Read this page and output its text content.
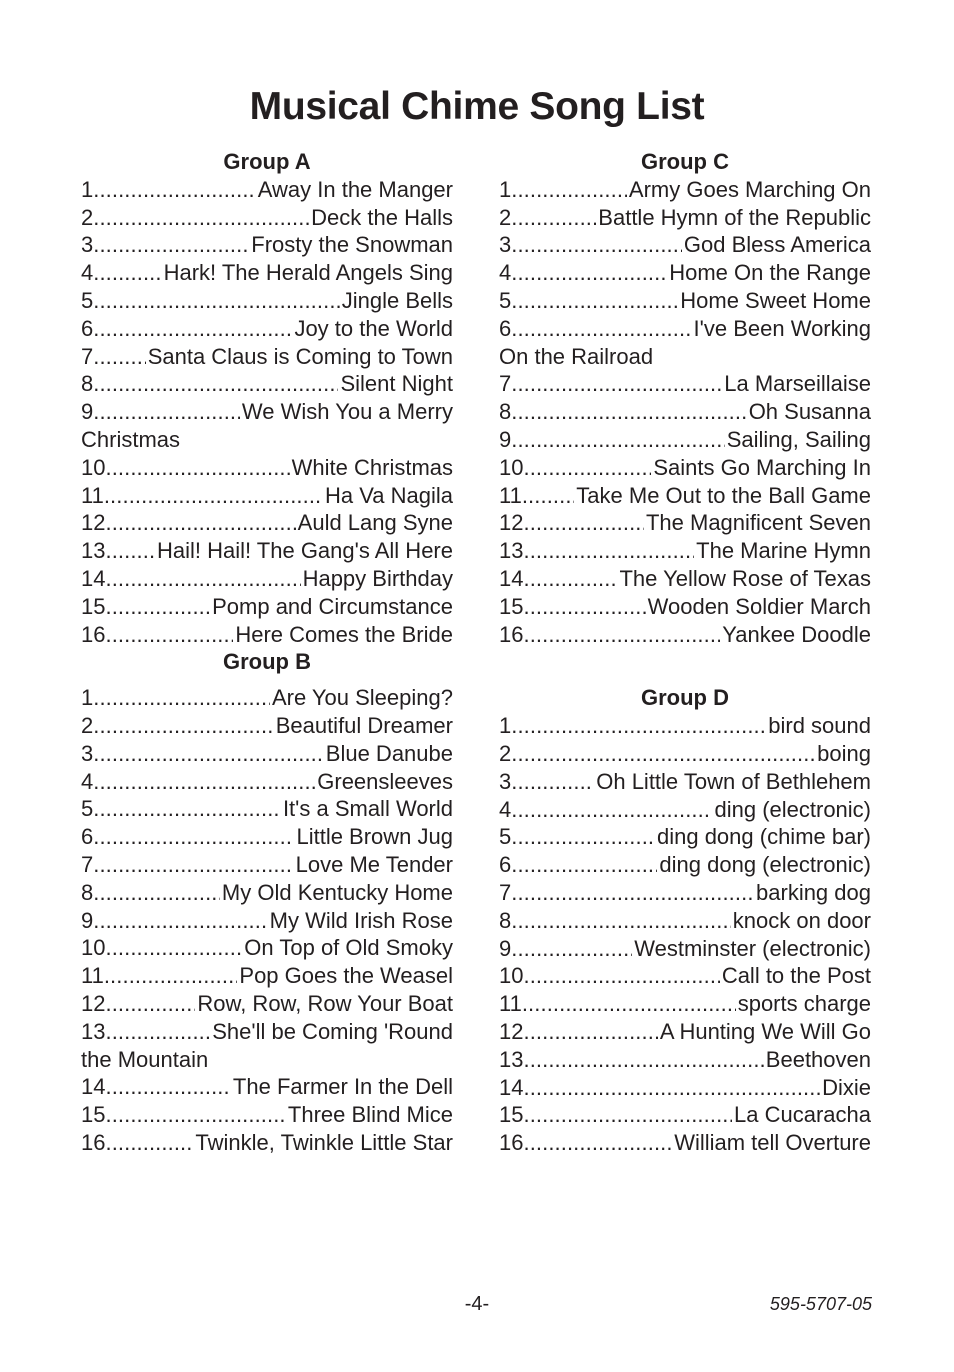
Musical Chime Song List
Group A
1 .....	Away In the Manger
2 .....	Deck the Halls
3 .....	Frosty the Snowman
4 .....	Hark! The Herald Angels Sing
5 .....	Jingle Bells
6 .....	Joy to the World
7 ..... Santa Claus is Coming to Town
8 .....	Silent Night
9 .....	We Wish You a Merry
Christmas
10 .....	White Christmas
11 .....	Ha Va Nagila
12 .....	Auld Lang Syne
13 ..... Hail! Hail! The Gang's All Here
14 .....	Happy Birthday
15 .....	Pomp and Circumstance
16 .....	Here Comes the Bride
Group B
1 .....	Are You Sleeping?
2 .....	Beautiful Dreamer
3 .....	Blue Danube
4 .....	Greensleeves
5 .....	It's a Small World
6 .....	Little Brown Jug
7 .....	Love Me Tender
8 .....	My Old Kentucky Home
9 .....	My Wild Irish Rose
10 .....	On Top of Old Smoky
11 .....	Pop Goes the Weasel
12 .....	Row, Row, Row Your Boat
13 .....	She'll be Coming 'Round
the Mountain
14 .....	The Farmer In the Dell
15 .....	Three Blind Mice
16 .....	Twinkle, Twinkle Little Star
Group C
1 .....	Army Goes Marching On
2 .....	Battle Hymn of the Republic
3 .....	God Bless America
4 .....	Home On the Range
5 .....	Home Sweet Home
6 .....	I've Been Working
On the Railroad
7 .....	La Marseillaise
8 .....	Oh Susanna
9 .....	Sailing, Sailing
10 .....	Saints Go Marching In
11 ..... Take Me Out to the Ball Game
12 .....	The Magnificent Seven
13 .....	The Marine Hymn
14 .....	The Yellow Rose of Texas
15 .....	Wooden Soldier March
16 .....	Yankee Doodle
Group D
1 .....	bird sound
2 .....	boing
3 .....	Oh Little Town of Bethlehem
4 .....	ding (electronic)
5 .....	ding dong (chime bar)
6 .....	ding dong (electronic)
7 .....	barking dog
8 .....	knock on door
9 .....	Westminster (electronic)
10 .....	Call to the Post
11 .....	sports charge
12 .....	A Hunting We Will Go
13 .....	Beethoven
14 .....	Dixie
15 .....	La Cucaracha
16 .....	William tell Overture
-4-	595-5707-05
